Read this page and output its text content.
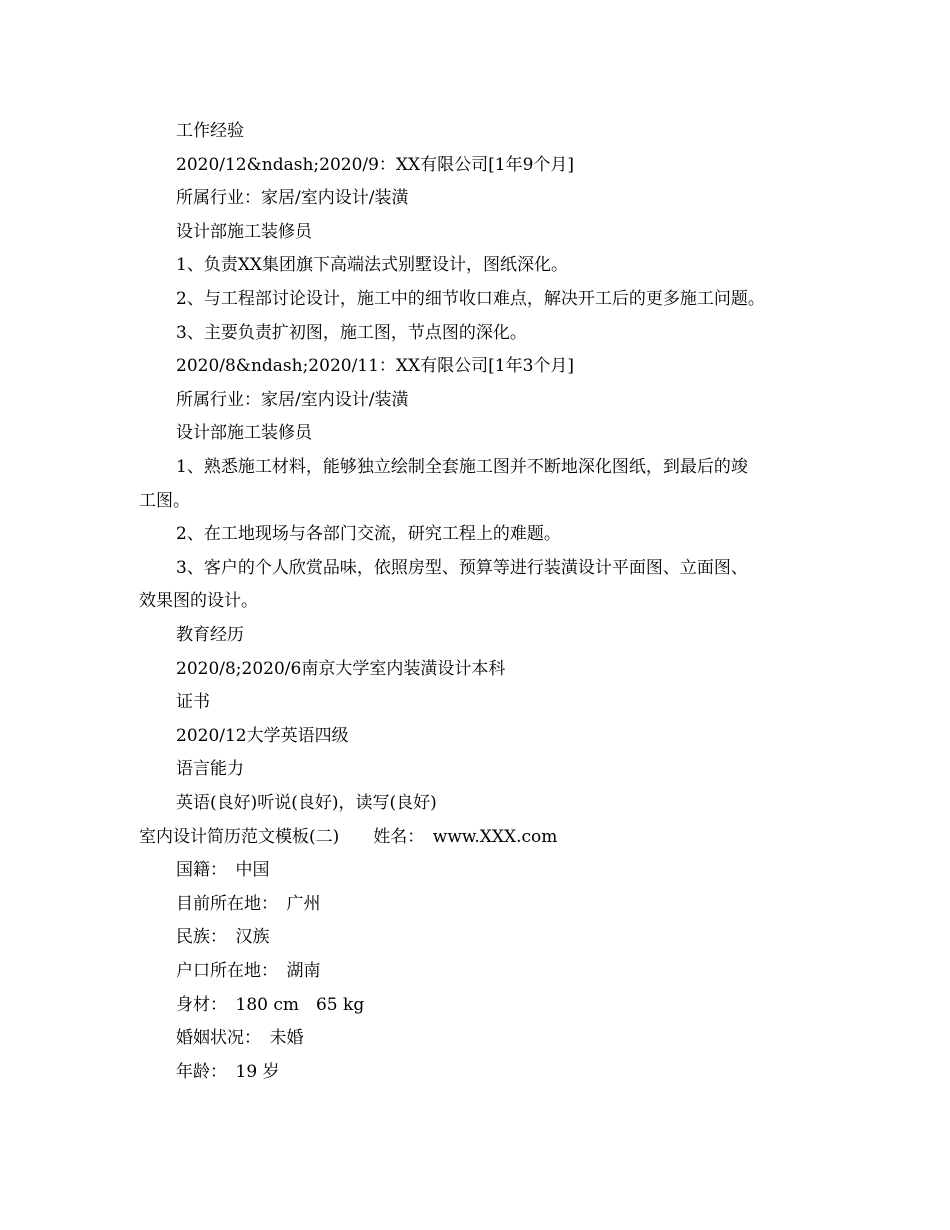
工作经验
2020/12&ndash;2020/9：XX有限公司[1年9个月]
所属行业：家居/室内设计/装潢
设计部施工装修员
1、负责XX集团旗下高端法式别墅设计，图纸深化。
2、与工程部讨论设计，施工中的细节收口难点，解决开工后的更多施工问题。
3、主要负责扩初图，施工图，节点图的深化。
2020/8&ndash;2020/11：XX有限公司[1年3个月]
所属行业：家居/室内设计/装潢
设计部施工装修员
1、熟悉施工材料，能够独立绘制全套施工图并不断地深化图纸，到最后的竣
工图。
2、在工地现场与各部门交流，研究工程上的难题。
3、客户的个人欣赏品味，依照房型、预算等进行装潢设计平面图、立面图、
效果图的设计。
教育经历
2020/8;2020/6南京大学室内装潢设计本科
证书
2020/12大学英语四级
语言能力
英语(良好)听说(良好)，读写(良好)
室内设计简历范文模板(二)　　姓名：　www.XXX.com
国籍：　中国
目前所在地：　广州
民族：　汉族
户口所在地：　湖南
身材：　180 cm　65 kg
婚姻状况：　未婚
年龄：　19 岁
